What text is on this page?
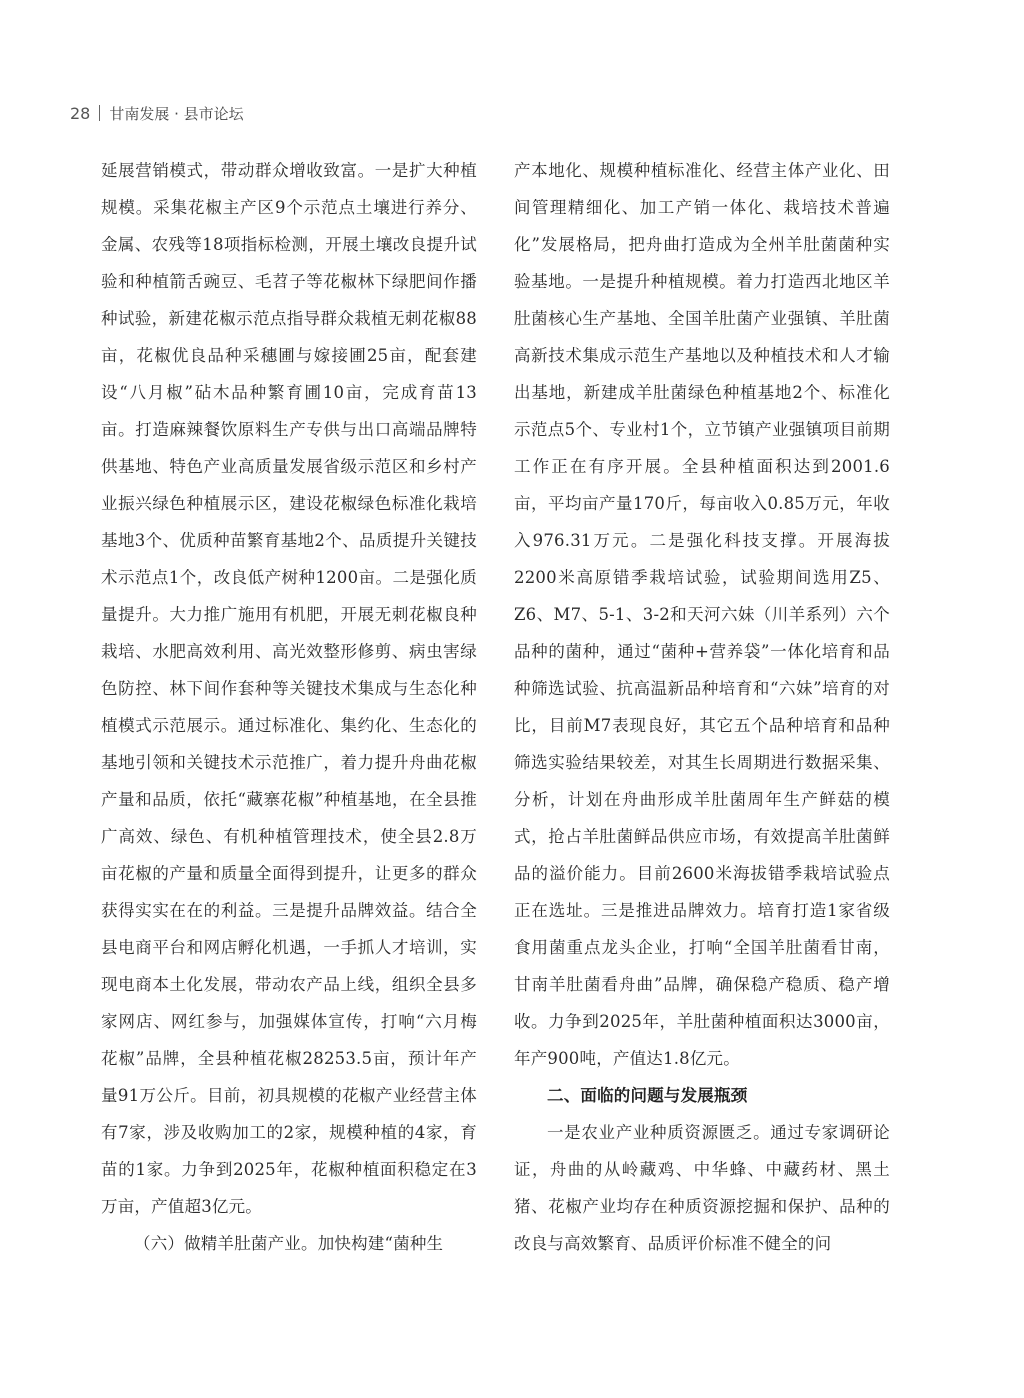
28 甘南发展 · 县市论坛

延展营销模式，带动群众增收致富。一是扩大种植规模。采集花椒主产区9个示范点土壤进行养分、金属、农残等18项指标检测，开展土壤改良提升试验和种植箭舌豌豆、毛苕子等花椒林下绿肥间作播种试验，新建花椒示范点指导群众栽植无刺花椒88亩，花椒优良品种采穗圃与嫁接圃25亩，配套建设“八月椒”砧木品种繁育圃10亩，完成育苗13亩。打造麻辣餐饮原料生产专供与出口高端品牌特供基地、特色产业高质量发展省级示范区和乡村产业振兴绿色种植展示区，建设花椒绿色标准化栽培基地3个、优质种苗繁育基地2个、品质提升关键技术示范点1个，改良低产树种1200亩。二是强化质量提升。大力推广施用有机肥，开展无刺花椒良种栽培、水肥高效利用、高光效整形修剪、病虫害绿色防控、林下间作套种等关键技术集成与生态化种植模式示范展示。通过标准化、集约化、生态化的基地引领和关键技术示范推广，着力提升舟曲花椒产量和品质，依托“藏寨花椒”种植基地，在全县推广高效、绿色、有机种植管理技术，使全县2.8万亩花椒的产量和质量全面得到提升，让更多的群众获得实实在在的利益。三是提升品牌效益。结合全县电商平台和网店孵化机遇，一手抓人才培训，实现电商本土化发展，带动农产品上线，组织全县多家网店、网红参与，加强媒体宣传，打响“六月梅花椒”品牌，全县种植花椒28253.5亩，预计年产量91万公斤。目前，初具规模的花椒产业经营主体有7家，涉及收购加工的2家，规模种植的4家，育苗的1家。力争到2025年，花椒种植面积稳定在3万亩，产值超3亿元。

（六）做精羊肚菌产业。加快构建“菌种生

产本地化、规模种植标准化、经营主体产业化、田间管理精细化、加工产销一体化、栽培技术普遍化”发展格局，把舟曲打造成为全州羊肚菌菌种实验基地。一是提升种植规模。着力打造西北地区羊肚菌核心生产基地、全国羊肚菌产业强镇、羊肚菌高新技术集成示范生产基地以及种植技术和人才输出基地，新建成羊肚菌绿色种植基地2个、标准化示范点5个、专业村1个，立节镇产业强镇项目前期工作正在有序开展。全县种植面积达到2001.6亩，平均亩产量170斤，每亩收入0.85万元，年收入976.31万元。二是强化科技支撑。开展海拔2200米高原错季栽培试验，试验期间选用Z5、Z6、M7、5-1、3-2和天河六妹（川羊系列）六个品种的菌种，通过“菌种+营养袋”一体化培育和品种筛选试验、抗高温新品种培育和“六妹”培育的对比，目前M7表现良好，其它五个品种培育和品种筛选实验结果较差，对其生长周期进行数据采集、分析，计划在舟曲形成羊肚菌周年生产鲜菇的模式，抢占羊肚菌鲜品供应市场，有效提高羊肚菌鲜品的溢价能力。目前2600米海拔错季栽培试验点正在选址。三是推进品牌效力。培育打造1家省级食用菌重点龙头企业，打响“全国羊肚菌看甘南，甘南羊肚菌看舟曲”品牌，确保稳产稳质、稳产增收。力争到2025年，羊肚菌种植面积达3000亩，年产900吨，产值达1.8亿元。

二、面临的问题与发展瓶颈

一是农业产业种质资源匮乏。通过专家调研论证，舟曲的从岭藏鸡、中华蜂、中藏药材、黑土猪、花椒产业均存在种质资源挖掘和保护、品种的改良与高效繁育、品质评价标准不健全的问
